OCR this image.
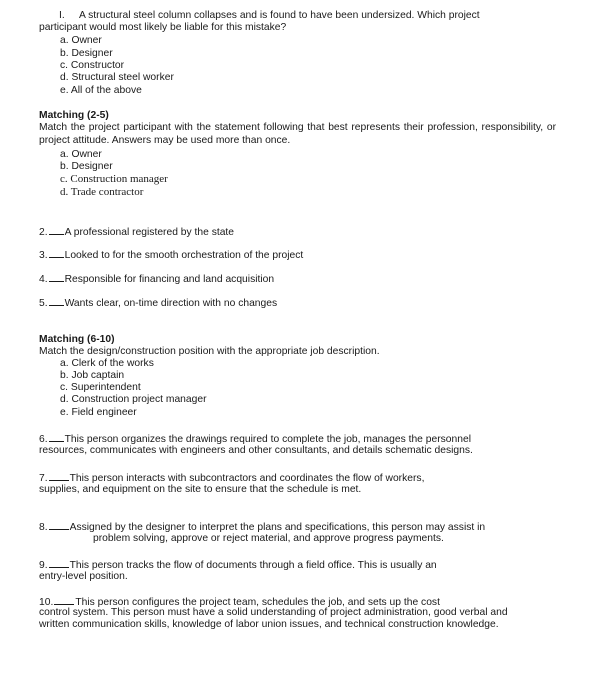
I. A structural steel column collapses and is found to have been undersized. Which project
participant would most likely be liable for this mistake?
a. Owner
b. Designer
c. Constructor
d. Structural steel worker
e. All of the above
Matching (2-5)
Match the project participant with the statement following that best represents their profession, responsibility, or project attitude. Answers may be used more than once.
a. Owner
b. Designer
c. Construction manager
d. Trade contractor
2. A professional registered by the state
3. Looked to for the smooth orchestration of the project
4. Responsible for financing and land acquisition
5. Wants clear, on-time direction with no changes
Matching (6-10)
Match the design/construction position with the appropriate job description.
a. Clerk of the works
b. Job captain
c. Superintendent
d. Construction project manager
e. Field engineer
6. This person organizes the drawings required to complete the job, manages the personnel
resources, communicates with engineers and other consultants, and details schematic designs.
7. This person interacts with subcontractors and coordinates the flow of workers,
supplies, and equipment on the site to ensure that the schedule is met.
8. Assigned by the designer to interpret the plans and specifications, this person may assist in
problem solving, approve or reject material, and approve progress payments.
9. This person tracks the flow of documents through a field office. This is usually an
entry-level position.
10. This person configures the project team, schedules the job, and sets up the cost
control system. This person must have a solid understanding of project administration, good verbal and
written communication skills, knowledge of labor union issues, and technical construction knowledge.
